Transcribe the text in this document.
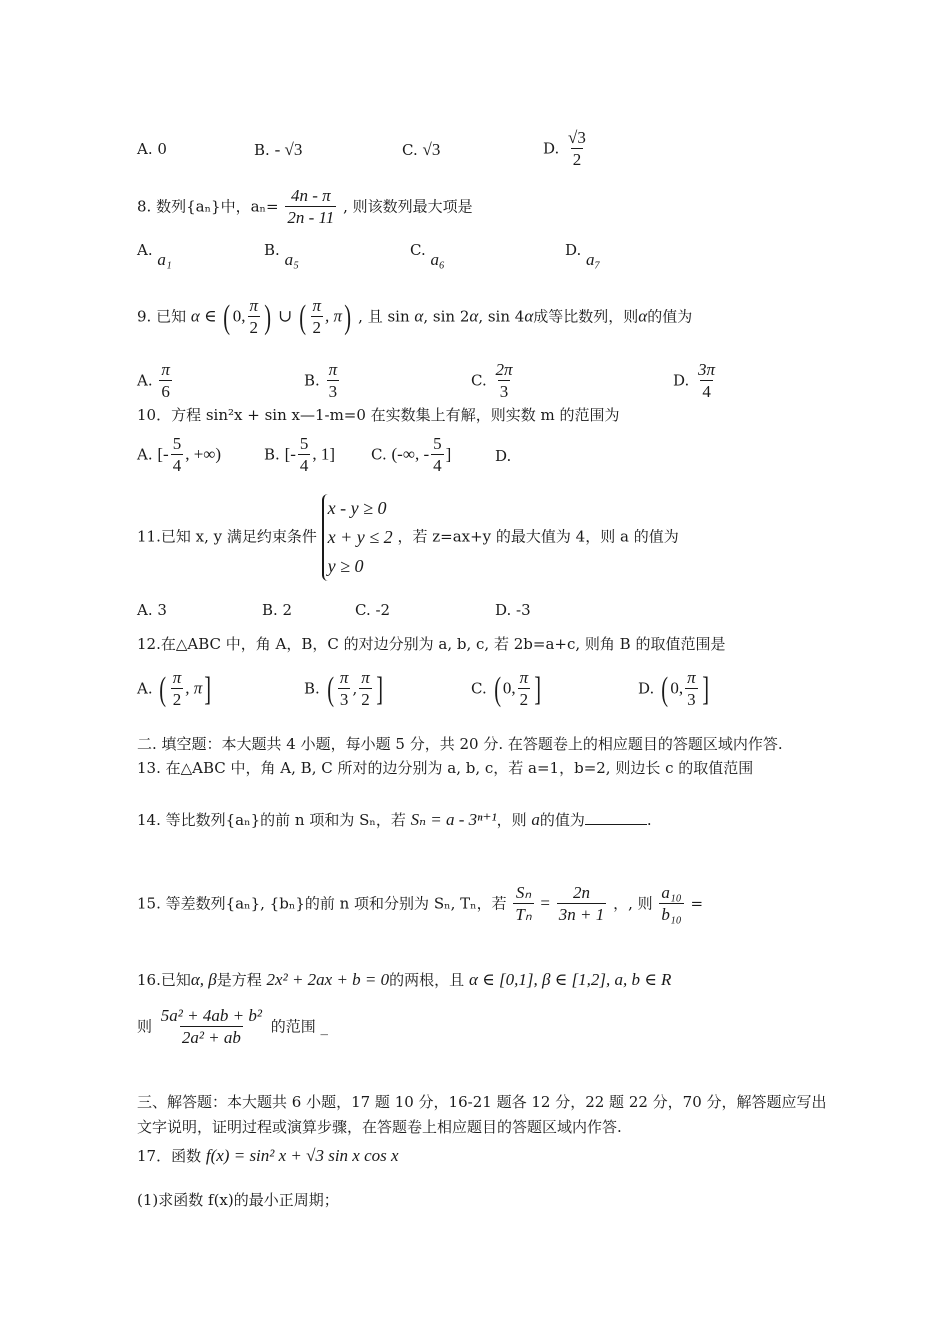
A. 0	B. - √3	C. √3	D. $\frac{√3}{2}$
8. 数列{aₙ}中，$a_n= \frac{4n - \pi}{2n - 11}$ , 则该数列最大项是
A. a₁	B. a₅	C. a₆	D. a₇
9. 已知 α ∈ ( 0, $\frac{\pi}{2}$ ) ∪ ( $\frac{\pi}{2}$ , π) , 且 sin α, sin 2α, sin 4α成等比数列，则α的值为
A. $\frac{\pi}{6}$	B. $\frac{\pi}{3}$	C. $\frac{2\pi}{3}$	D. $\frac{3\pi}{4}$
10．方程 sin²x + sin x—1-m=0 在实数集上有解，则实数 m 的范围为
A. [- $\frac{5}{4}$ , +∞)	B. [- $\frac{5}{4}$ , 1] C. (-∞, - $\frac{5}{4}$ ]	D.
11.已知 x, y 满足约束条件
x - y ≥ 0
x + y ≤ 2
y ≥ 0
，若 z=ax+y 的最大值为 4，则 a 的值为
A. 3	B. 2	C. -2	D. -3
12.在△ABC 中，角 A，B，C 的对边分别为 a, b, c, 若 2b=a+c, 则角 B 的取值范围是
A. ( $\frac{\pi}{2}$ , π]	B. ( $\frac{\pi}{3}$ , $\frac{\pi}{2}$ ]	C. ( 0, $\frac{\pi}{2}$ ]	D. ( 0, $\frac{\pi}{3}$ ]
二. 填空题：本大题共 4 小题，每小题 5 分，共 20 分. 在答题卷上的相应题目的答题区域内作答.
13. 在△ABC 中，角 A, B, C 所对的边分别为 a, b, c，若 a=1，b=2, 则边长 c 的取值范围
14. 等比数列{aₙ}的前 n 项和为 Sₙ，若 Sₙ = a - 3ⁿ⁺¹，则 a的值为	.
15. 等差数列{aₙ}, {bₙ}的前 n 项和分别为 Sₙ, Tₙ，若 $\frac{\text{Sₙ}}{\text{Tₙ}} = \frac{2n}{3n + 1}$ ，, 则 $\frac{\text{a₁₀}}{\text{b₁₀}}$ =
16.已知α, β是方程 2x² + 2ax + b = 0的两根，且 α ∈ [0,1], β ∈ [1,2], a, b ∈ R
则 $\frac{\text{5a² + 4ab + b²}}{\text{2a² + ab}}$ 的范围 _
三、解答题：本大题共 6 小题，17 题 10 分，16-21 题各 12 分，22 题 22 分，70 分，解答题应写出
文字说明，证明过程或演算步骤，在答题卷上相应题目的答题区域内作答.
17．函数 f(x) = sin² x + √3 sin x cos x
(1)求函数 f(x)的最小正周期；
